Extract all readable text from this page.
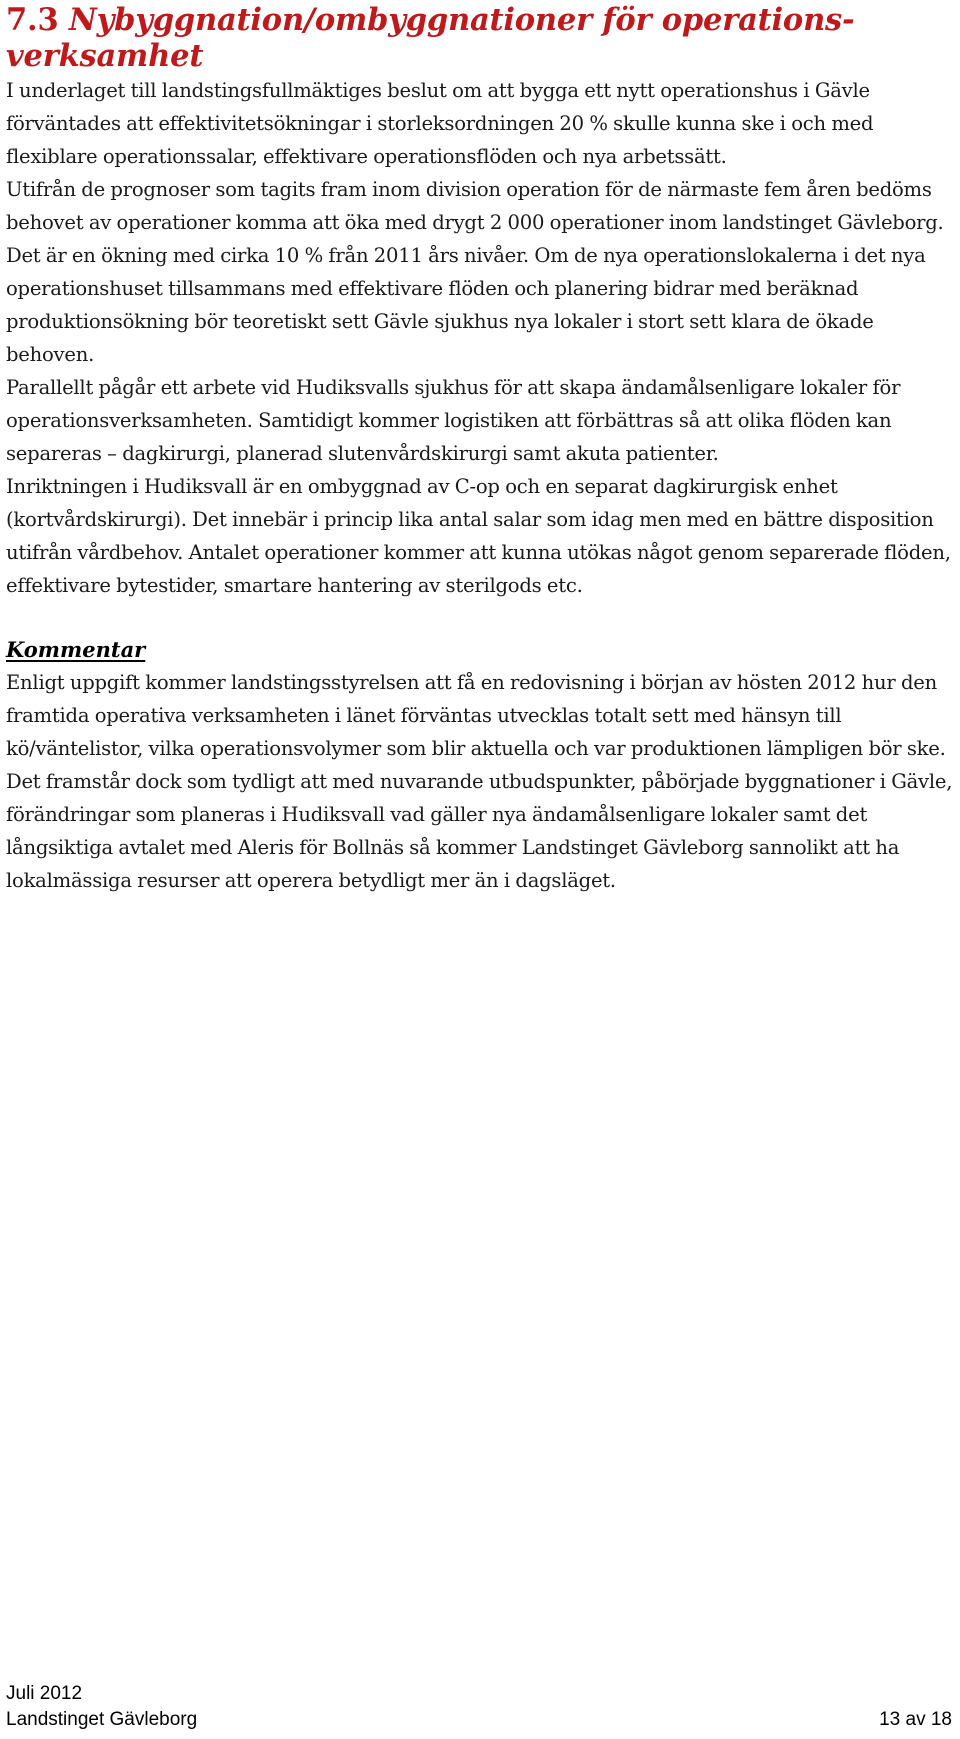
7.3 Nybyggnation/ombyggnationer för operations-verksamhet

I underlaget till landstingsfullmäktiges beslut om att bygga ett nytt operationshus i Gävle förväntades att effektivitetsökningar i storleksordningen 20 % skulle kunna ske i och med flexiblare operationssalar, effektivare operationsflöden och nya arbetssätt.

Utifrån de prognoser som tagits fram inom division operation för de närmaste fem åren bedöms behovet av operationer komma att öka med drygt 2 000 operationer inom landstinget Gävleborg. Det är en ökning med cirka 10 % från 2011 års nivåer. Om de nya operationslokalerna i det nya operationshuset tillsammans med effektivare flöden och planering bidrar med beräknad produktionsökning bör teoretiskt sett Gävle sjukhus nya lokaler i stort sett klara de ökade behoven.

Parallellt pågår ett arbete vid Hudiksvalls sjukhus för att skapa ändamålsenligare lokaler för operationsverksamheten. Samtidigt kommer logistiken att förbättras så att olika flöden kan separeras – dagkirurgi, planerad slutenvårdskirurgi samt akuta patienter.

Inriktningen i Hudiksvall är en ombyggnad av C-op och en separat dagkirurgisk enhet (kortvårdskirurgi). Det innebär i princip lika antal salar som idag men med en bättre disposition utifrån vårdbehov. Antalet operationer kommer att kunna utökas något genom separerade flöden, effektivare bytestider, smartare hantering av sterilgods etc.

Kommentar

Enligt uppgift kommer landstingsstyrelsen att få en redovisning i början av hösten 2012 hur den framtida operativa verksamheten i länet förväntas utvecklas totalt sett med hänsyn till kö/väntelistor, vilka operationsvolymer som blir aktuella och var produktionen lämpligen bör ske.

Det framstår dock som tydligt att med nuvarande utbudspunkter, påbörjade byggnationer i Gävle, förändringar som planeras i Hudiksvall vad gäller nya ändamålsenligare lokaler samt det långsiktiga avtalet med Aleris för Bollnäs så kommer Landstinget Gävleborg sannolikt att ha lokalmässiga resurser att operera betydligt mer än i dagsläget.

Juli 2012
Landstinget Gävleborg	13 av 18
